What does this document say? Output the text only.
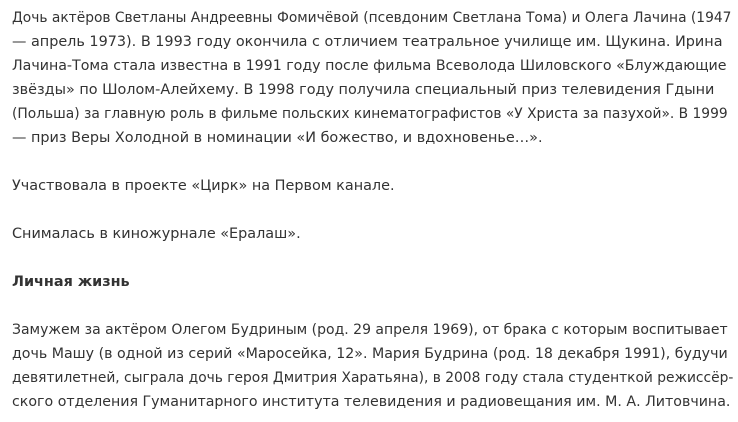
Дочь актёров Светланы Андреевны Фомичёвой (псевдоним Светлана Тома) и Олега Лачина (1947
— апрель 1973). В 1993 году окончила с отличием театральное училище им. Щукина. Ирина
Лачина-Тома стала известна в 1991 году после фильма Всеволода Шиловского «Блуждающие
звёзды» по Шолом-Алейхему. В 1998 году получила специальный приз телевидения Гдыни
(Польша) за главную роль в фильме польских кинематографистов «У Христа за пазухой». В 1999
— приз Веры Холодной в номинации «И божество, и вдохновенье…».
Участвовала в проекте «Цирк» на Первом канале.
Снималась в киножурнале «Ералаш».
Личная жизнь
Замужем за актёром Олегом Будриным (род. 29 апреля 1969), от брака с которым воспитывает
дочь Машу (в одной из серий «Маросейка, 12». Мария Будрина (род. 18 декабря 1991), будучи
девятилетней, сыграла дочь героя Дмитрия Харатьяна), в 2008 году стала студенткой режиссёр-
ского отделения Гуманитарного института телевидения и радиовещания им. М. А. Литовчина.
